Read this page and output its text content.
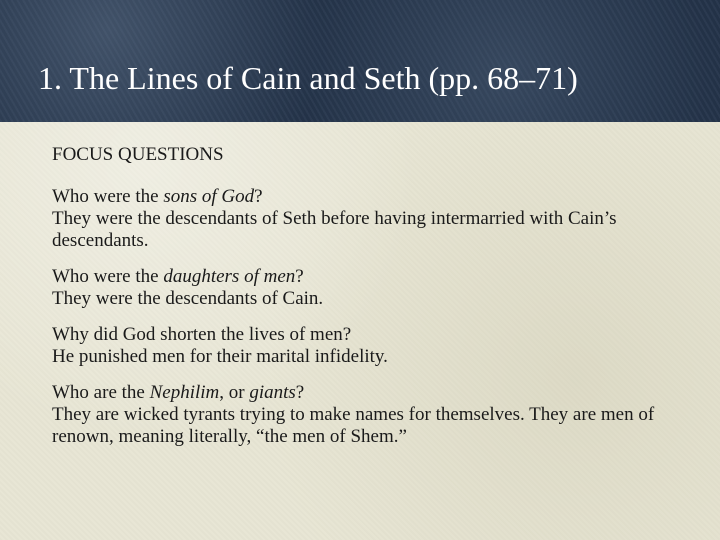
1. The Lines of Cain and Seth (pp. 68–71)

FOCUS QUESTIONS

Who were the sons of God?

They were the descendants of Seth before having intermarried with Cain’s descendants.

Who were the daughters of men?

They were the descendants of Cain.

Why did God shorten the lives of men?

He punished men for their marital infidelity.

Who are the Nephilim, or giants?

They are wicked tyrants trying to make names for themselves. They are men of renown, meaning literally, “the men of Shem.”
